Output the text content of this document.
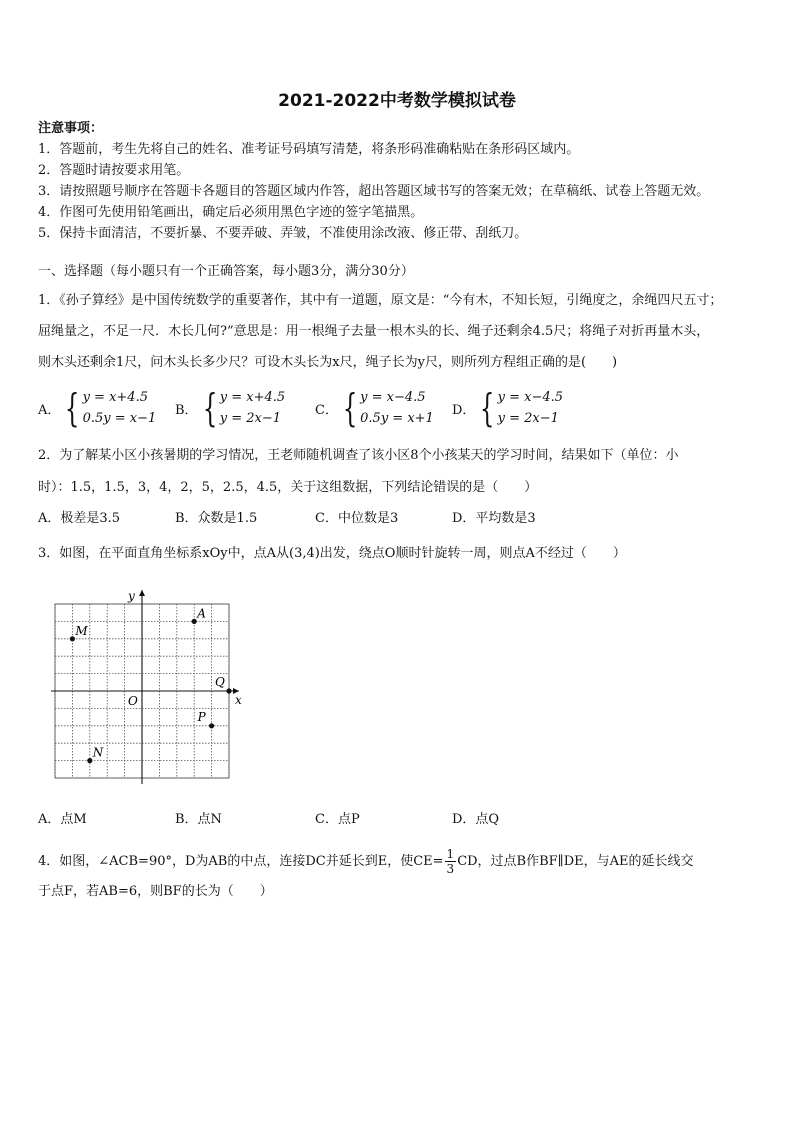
2021-2022中考数学模拟试卷
注意事项：
1．答题前，考生先将自己的姓名、准考证号码填写清楚，将条形码准确粘贴在条形码区域内。
2．答题时请按要求用笔。
3．请按照题号顺序在答题卡各题目的答题区域内作答，超出答题区域书写的答案无效；在草稿纸、试卷上答题无效。
4．作图可先使用铅笔画出，确定后必须用黑色字迹的签字笔描黑。
5．保持卡面清洁，不要折暴、不要弄破、弄皱，不准使用涂改液、修正带、刮纸刀。
一、选择题（每小题只有一个正确答案，每小题3分，满分30分）
1．《孙子算经》是中国传统数学的重要著作，其中有一道题，原文是：“今有木，不知长短，引绳度之，余绳四尺五寸；
屈绳量之，不足一尺．木长几何?”意思是：用一根绳子去量一根木头的长、绳子还剩余4.5尺；将绳子对折再量木头，
则木头还剩余1尺，问木头长多少尺？可设木头长为x尺，绳子长为y尺，则所列方程组正确的是(　　)
A． { y = x+4.5
0.5y = x−1
B． { y = x+4.5
y = 2x−1
C． { y = x−4.5
0.5y = x+1
D． { y = x−4.5
y = 2x−1
2．为了解某小区小孩暑期的学习情况，王老师随机调查了该小区8个小孩某天的学习时间，结果如下（单位：小
时）：1.5，1.5，3，4，2，5，2.5，4.5，关于这组数据，下列结论错误的是（　　）
A．极差是3.5	B．众数是1.5	C．中位数是3	D．平均数是3
3．如图，在平面直角坐标系xOy中，点A从(3,4)出发，绕点O顺时针旋转一周，则点A不经过（　　）
x
y
O
A
M
Q
P
N
A．点M	B．点N	C．点P	D．点Q
4．如图，∠ACB=90°，D为AB的中点，连接DC并延长到E，使$CE= \frac{1}{3}$ CD，过点B作BF∥DE，与AE的延长线交
于点F，若AB=6，则BF的长为（　　）
